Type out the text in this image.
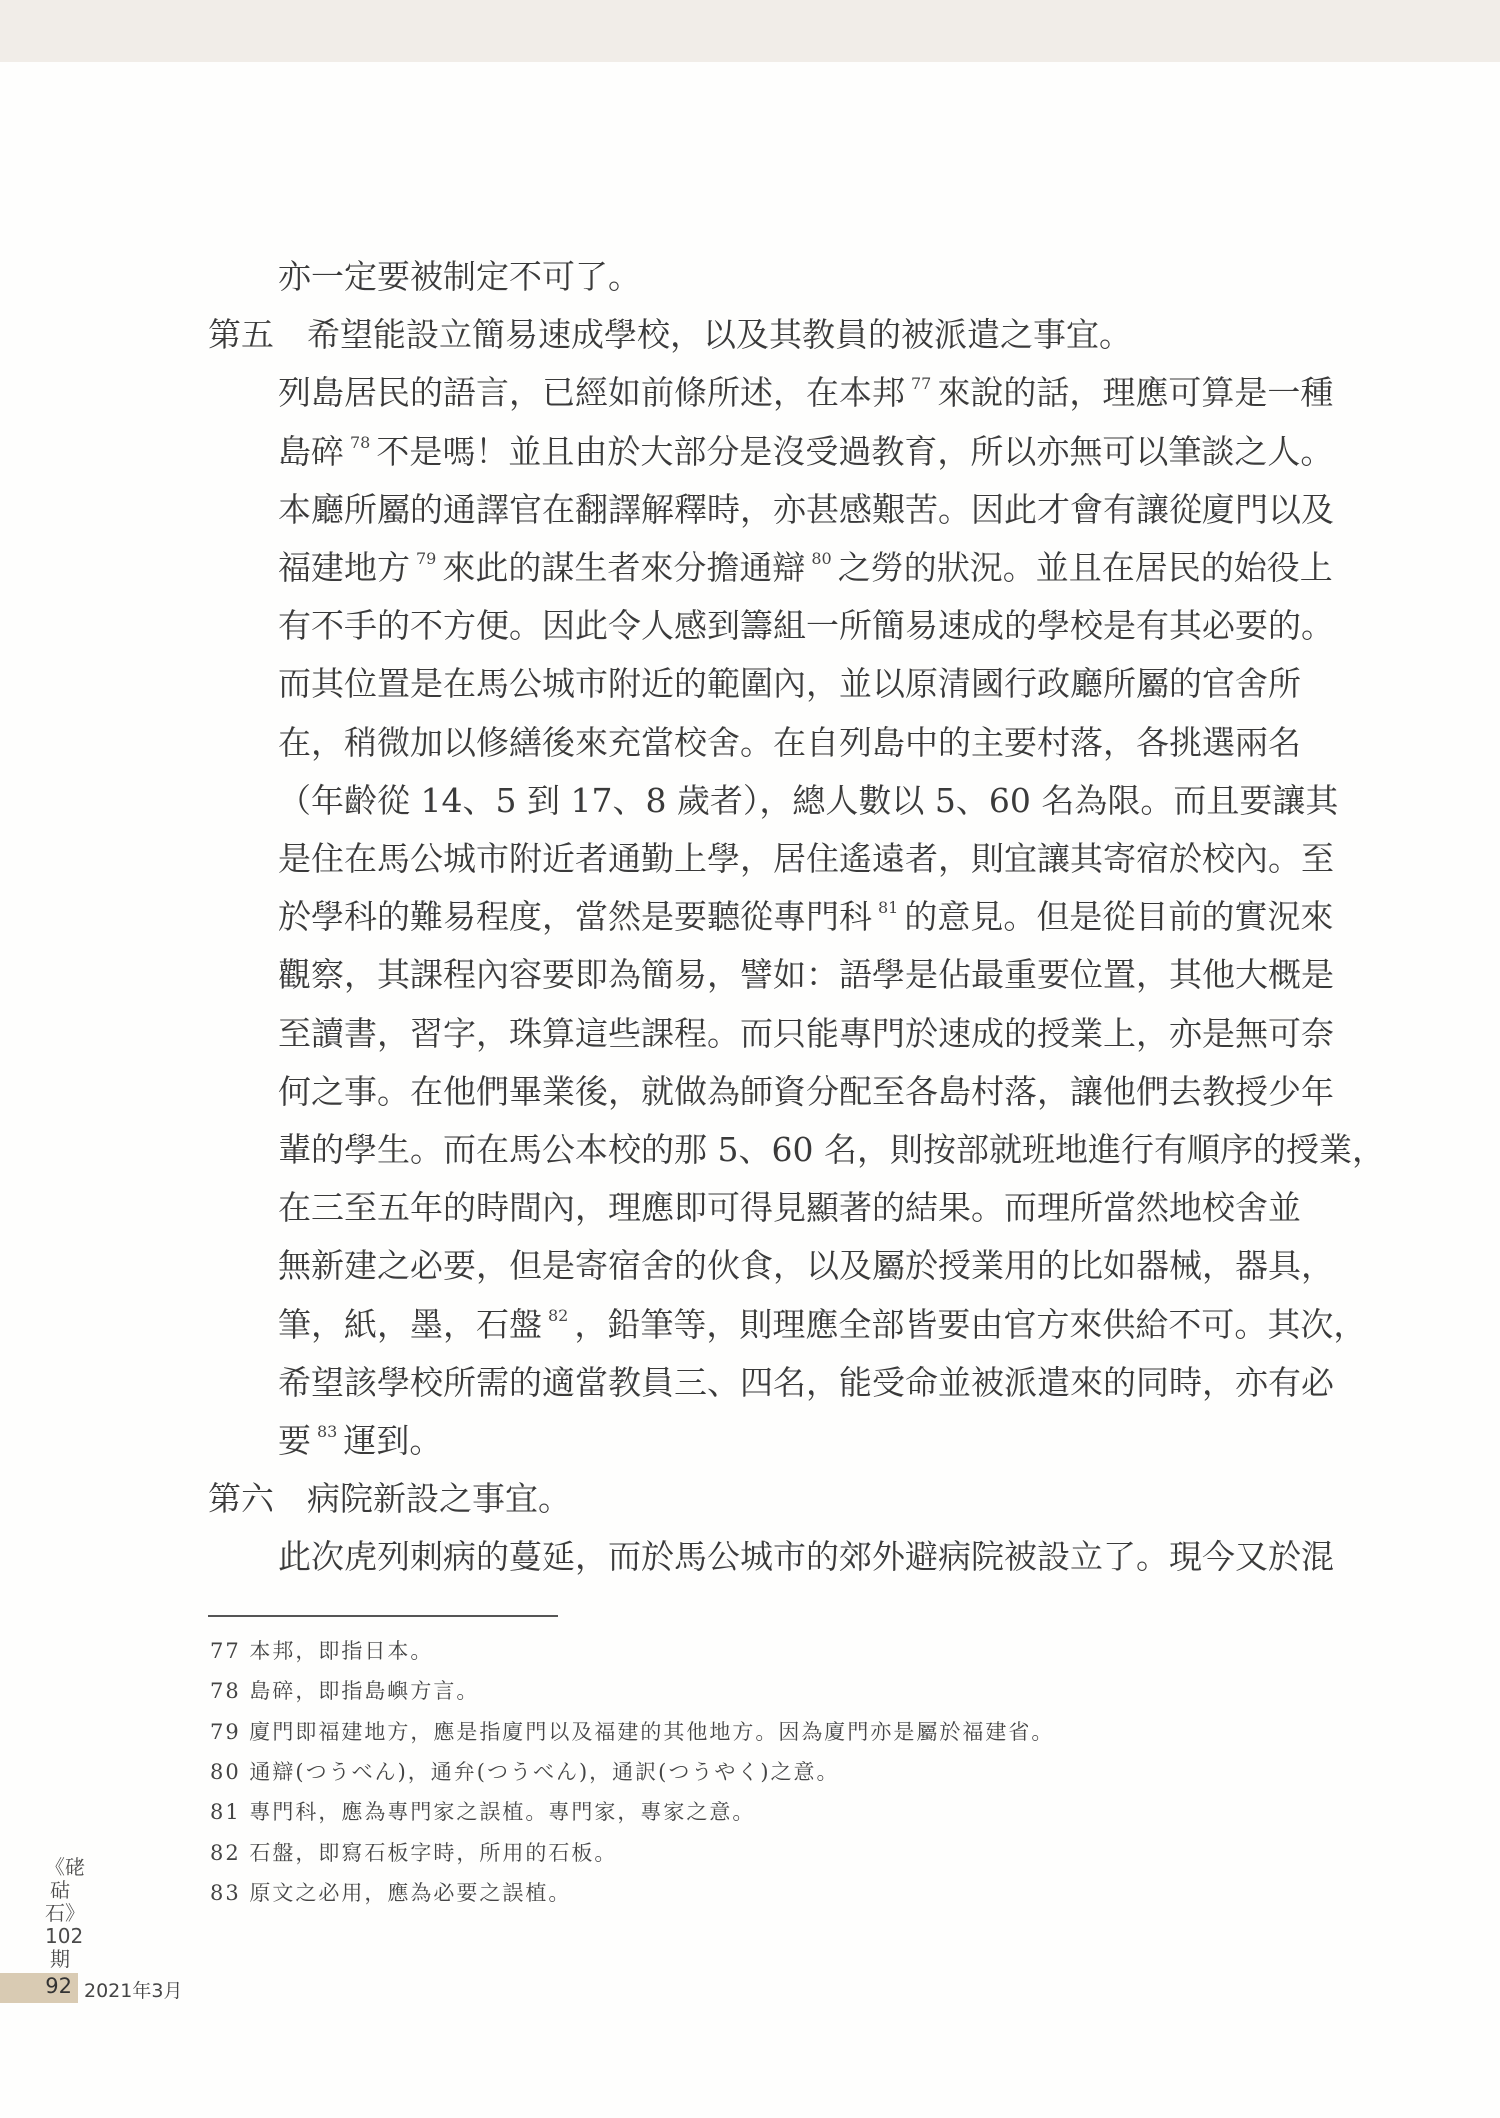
亦一定要被制定不可了。
第五　希望能設立簡易速成學校，以及其教員的被派遣之事宜。
列島居民的語言，已經如前條所述，在本邦 $^{77}$ 來說的話，理應可算是一種
島碎 $^{78}$ 不是嗎！並且由於大部分是沒受過教育，所以亦無可以筆談之人。
本廳所屬的通譯官在翻譯解釋時，亦甚感艱苦。因此才會有讓從廈門以及
福建地方 $^{79}$ 來此的謀生者來分擔通辯 $^{80}$ 之勞的狀況。並且在居民的始役上
有不手的不方便。因此令人感到籌組一所簡易速成的學校是有其必要的。
而其位置是在馬公城市附近的範圍內，並以原清國行政廳所屬的官舍所
在，稍微加以修繕後來充當校舍。在自列島中的主要村落，各挑選兩名
（年齡從 14、5 到 17、8 歲者），總人數以 5、60 名為限。而且要讓其
是住在馬公城市附近者通勤上學，居住遙遠者，則宜讓其寄宿於校內。至
於學科的難易程度，當然是要聽從專門科 $^{81}$ 的意見。但是從目前的實況來
觀察，其課程內容要即為簡易，譬如：語學是佔最重要位置，其他大概是
至讀書，習字，珠算這些課程。而只能專門於速成的授業上，亦是無可奈
何之事。在他們畢業後，就做為師資分配至各島村落，讓他們去教授少年
輩的學生。而在馬公本校的那 5、60 名，則按部就班地進行有順序的授業，
在三至五年的時間內，理應即可得見顯著的結果。而理所當然地校舍並
無新建之必要，但是寄宿舍的伙食，以及屬於授業用的比如器械，器具，
筆，紙，墨，石盤 $^{82}$ ，鉛筆等，則理應全部皆要由官方來供給不可。其次，
希望該學校所需的適當教員三、四名，能受命並被派遣來的同時，亦有必
要 $^{83}$ 運到。
第六　病院新設之事宜。
此次虎列刺病的蔓延，而於馬公城市的郊外避病院被設立了。現今又於混
77 本邦，即指日本。
78 島碎，即指島嶼方言。
79 廈門即福建地方，應是指廈門以及福建的其他地方。因為廈門亦是屬於福建省。
80 通辯(つうべん)，通弁(つうべん)，通訳(つうやく)之意。
81 專門科，應為專門家之誤植。專門家，專家之意。
82 石盤，即寫石板字時，所用的石板。
83 原文之必用，應為必要之誤植。
《硓𥑮石》102期
92 2021年3月
